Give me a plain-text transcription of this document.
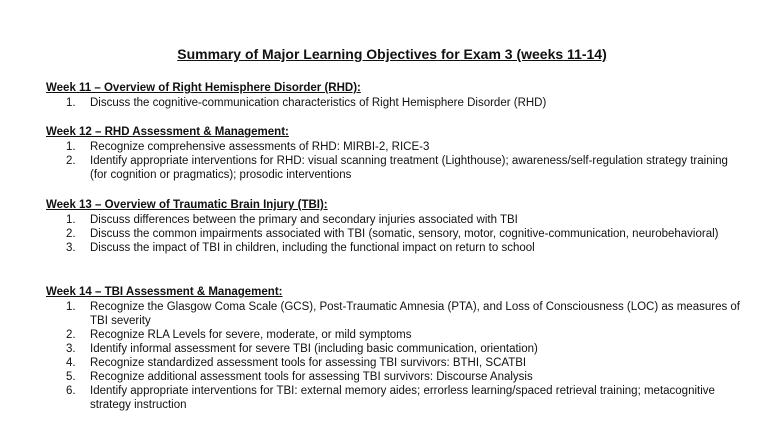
Summary of Major Learning Objectives for Exam 3 (weeks 11-14)
Week 11 – Overview of Right Hemisphere Disorder (RHD):
1.	Discuss the cognitive-communication characteristics of Right Hemisphere Disorder (RHD)
Week 12 – RHD Assessment & Management:
1.	Recognize comprehensive assessments of RHD: MIRBI-2, RICE-3
2.	Identify appropriate interventions for RHD: visual scanning treatment (Lighthouse); awareness/self-regulation strategy training (for cognition or pragmatics); prosodic interventions
Week 13 – Overview of Traumatic Brain Injury (TBI):
1.	Discuss differences between the primary and secondary injuries associated with TBI
2.	Discuss the common impairments associated with TBI (somatic, sensory, motor, cognitive-communication, neurobehavioral)
3.	Discuss the impact of TBI in children, including the functional impact on return to school
Week 14 – TBI Assessment & Management:
1.	Recognize the Glasgow Coma Scale (GCS), Post-Traumatic Amnesia (PTA), and Loss of Consciousness (LOC) as measures of TBI severity
2.	Recognize RLA Levels for severe, moderate, or mild symptoms
3.	Identify informal assessment for severe TBI (including basic communication, orientation)
4.	Recognize standardized assessment tools for assessing TBI survivors: BTHI, SCATBI
5.	Recognize additional assessment tools for assessing TBI survivors: Discourse Analysis
6.	Identify appropriate interventions for TBI: external memory aides; errorless learning/spaced retrieval training; metacognitive strategy instruction
